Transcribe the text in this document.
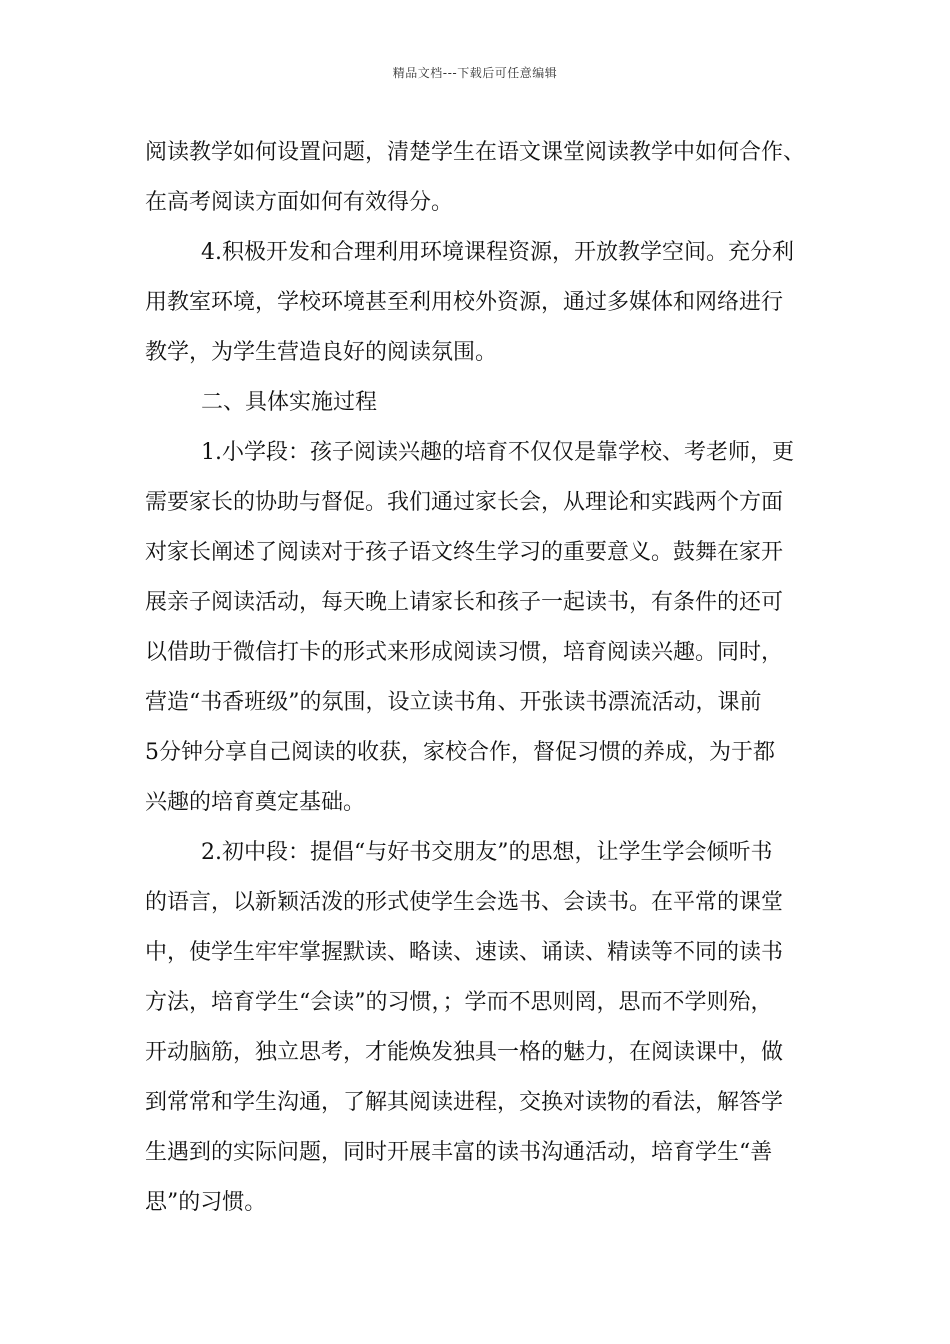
精品文档---下载后可任意编辑

阅读教学如何设置问题，清楚学生在语文课堂阅读教学中如何合作、
在高考阅读方面如何有效得分。

4.积极开发和合理利用环境课程资源，开放教学空间。充分利
用教室环境，学校环境甚至利用校外资源，通过多媒体和网络进行
教学，为学生营造良好的阅读氛围。

二、具体实施过程

1.小学段：孩子阅读兴趣的培育不仅仅是靠学校、考老师，更
需要家长的协助与督促。我们通过家长会，从理论和实践两个方面
对家长阐述了阅读对于孩子语文终生学习的重要意义。鼓舞在家开
展亲子阅读活动，每天晚上请家长和孩子一起读书，有条件的还可
以借助于微信打卡的形式来形成阅读习惯，培育阅读兴趣。同时，
营造“书香班级”的氛围，设立读书角、开张读书漂流活动，课前
5分钟分享自己阅读的收获，家校合作，督促习惯的养成，为于都
兴趣的培育奠定基础。

2.初中段：提倡“与好书交朋友”的思想，让学生学会倾听书
的语言，以新颖活泼的形式使学生会选书、会读书。在平常的课堂
中，使学生牢牢掌握默读、略读、速读、诵读、精读等不同的读书
方法，培育学生“会读”的习惯，；学而不思则罔，思而不学则殆，
开动脑筋，独立思考，才能焕发独具一格的魅力，在阅读课中，做
到常常和学生沟通，了解其阅读进程，交换对读物的看法，解答学
生遇到的实际问题，同时开展丰富的读书沟通活动，培育学生“善
思”的习惯。
